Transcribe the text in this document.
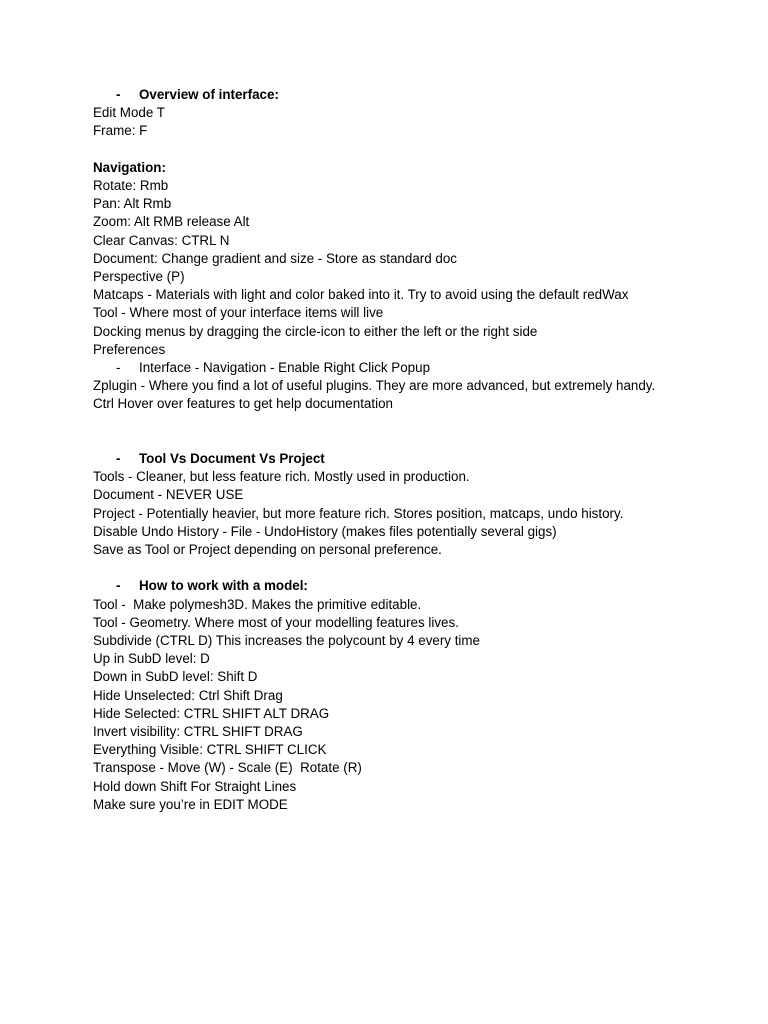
-	Overview of interface:
Edit Mode T
Frame: F
Navigation:
Rotate: Rmb
Pan: Alt Rmb
Zoom: Alt RMB release Alt
Clear Canvas: CTRL N
Document: Change gradient and size - Store as standard doc
Perspective (P)
Matcaps - Materials with light and color baked into it. Try to avoid using the default redWax
Tool - Where most of your interface items will live
Docking menus by dragging the circle-icon to either the left or the right side
Preferences
-	Interface - Navigation - Enable Right Click Popup
Zplugin - Where you find a lot of useful plugins. They are more advanced, but extremely handy.
Ctrl Hover over features to get help documentation
-	Tool Vs Document Vs Project
Tools - Cleaner, but less feature rich. Mostly used in production.
Document - NEVER USE
Project - Potentially heavier, but more feature rich. Stores position, matcaps, undo history.
Disable Undo History - File - UndoHistory (makes files potentially several gigs)
Save as Tool or Project depending on personal preference.
-	How to work with a model:
Tool -  Make polymesh3D. Makes the primitive editable.
Tool - Geometry. Where most of your modelling features lives.
Subdivide (CTRL D) This increases the polycount by 4 every time
Up in SubD level: D
Down in SubD level: Shift D
Hide Unselected: Ctrl Shift Drag
Hide Selected: CTRL SHIFT ALT DRAG
Invert visibility: CTRL SHIFT DRAG
Everything Visible: CTRL SHIFT CLICK
Transpose - Move (W) - Scale (E)  Rotate (R)
Hold down Shift For Straight Lines
Make sure you’re in EDIT MODE
